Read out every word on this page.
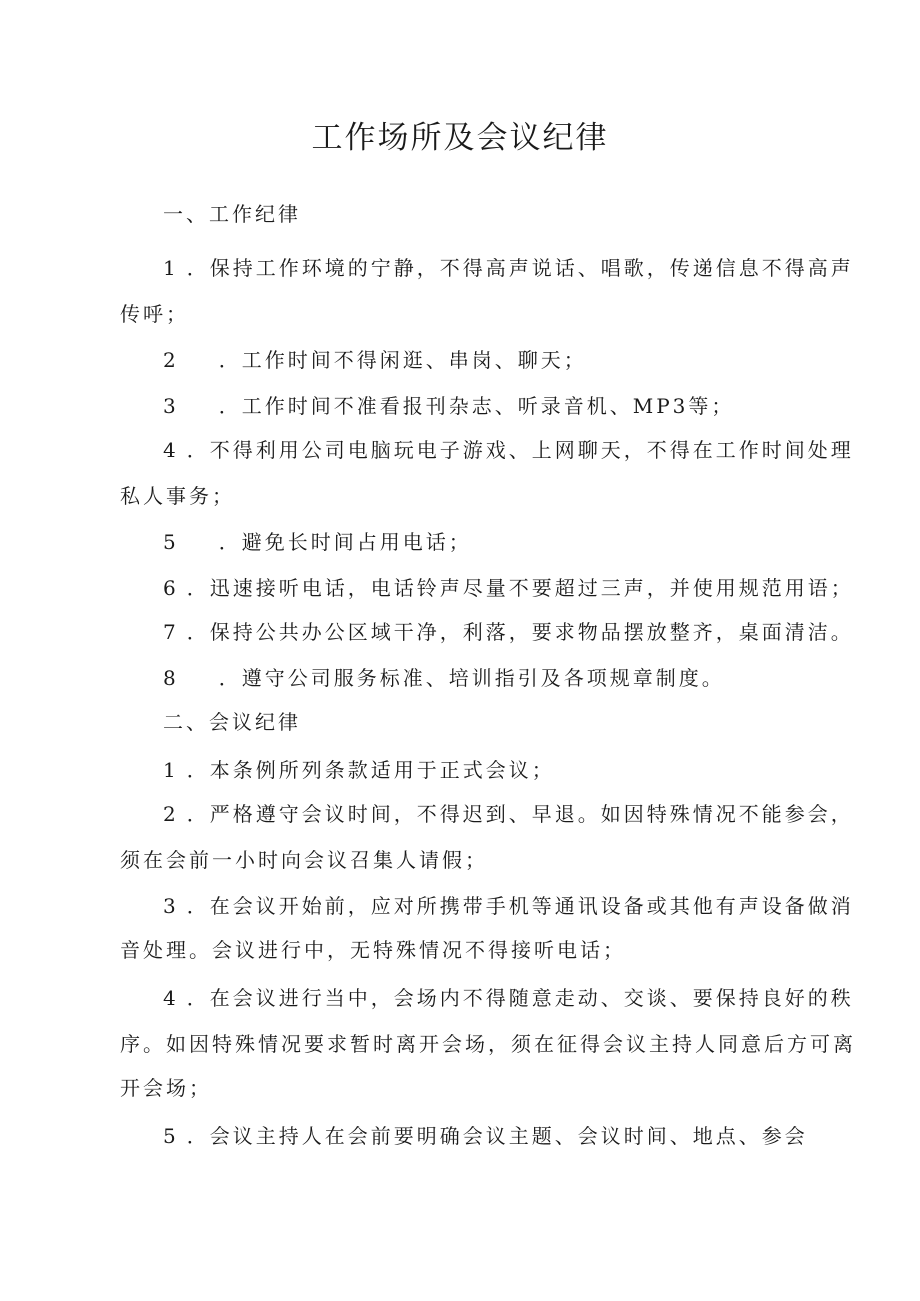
工作场所及会议纪律
一、工作纪律
1 ．保持工作环境的宁静，不得高声说话、唱歌，传递信息不得高声
传呼；
2 ．工作时间不得闲逛、串岗、聊天；
3 ．工作时间不准看报刊杂志、听录音机、MP3等；
4 ．不得利用公司电脑玩电子游戏、上网聊天，不得在工作时间处理
私人事务；
5 ．避免长时间占用电话；
6 ．迅速接听电话，电话铃声尽量不要超过三声，并使用规范用语；
7 ．保持公共办公区域干净，利落，要求物品摆放整齐，桌面清洁。
8 ．遵守公司服务标准、培训指引及各项规章制度。
二、会议纪律
1 ．本条例所列条款适用于正式会议；
2 ．严格遵守会议时间，不得迟到、早退。如因特殊情况不能参会，
须在会前一小时向会议召集人请假；
3 ．在会议开始前，应对所携带手机等通讯设备或其他有声设备做消
音处理。会议进行中，无特殊情况不得接听电话；
4 ．在会议进行当中，会场内不得随意走动、交谈、要保持良好的秩
序。如因特殊情况要求暂时离开会场，须在征得会议主持人同意后方可离
开会场；
5 ．会议主持人在会前要明确会议主题、会议时间、地点、参会
